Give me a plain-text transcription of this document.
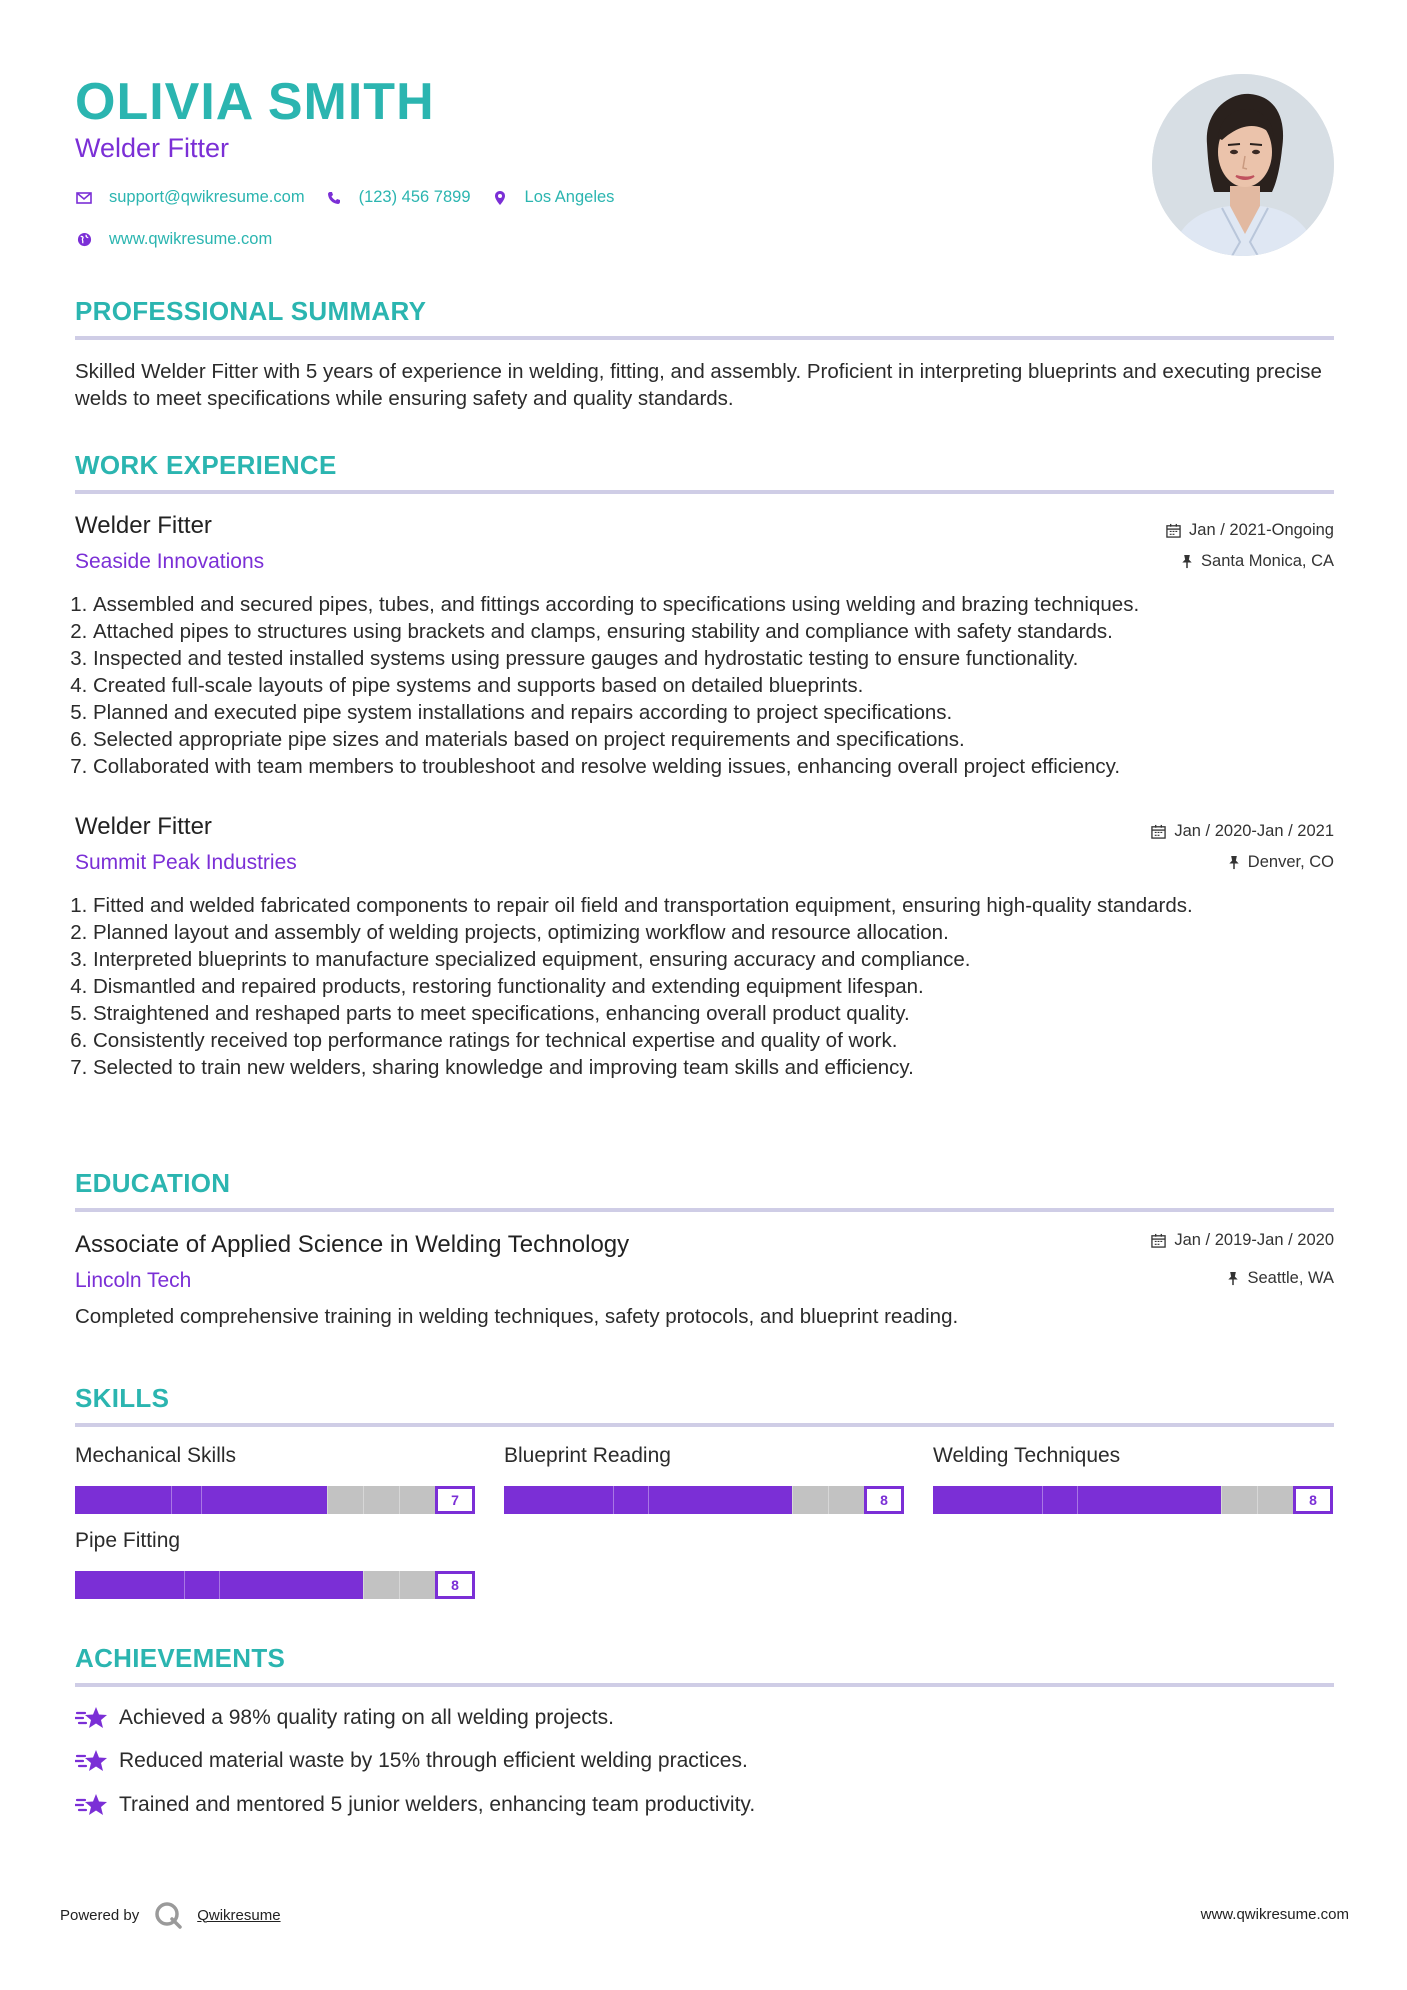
OLIVIA SMITH
Welder Fitter
support@qwikresume.com	(123) 456 7899	Los Angeles
www.qwikresume.com
PROFESSIONAL SUMMARY
Skilled Welder Fitter with 5 years of experience in welding, fitting, and assembly. Proficient in interpreting blueprints and executing precise welds to meet specifications while ensuring safety and quality standards.
WORK EXPERIENCE
Welder Fitter
Seaside Innovations
Jan / 2021-Ongoing
Santa Monica, CA
1. Assembled and secured pipes, tubes, and fittings according to specifications using welding and brazing techniques.
2. Attached pipes to structures using brackets and clamps, ensuring stability and compliance with safety standards.
3. Inspected and tested installed systems using pressure gauges and hydrostatic testing to ensure functionality.
4. Created full-scale layouts of pipe systems and supports based on detailed blueprints.
5. Planned and executed pipe system installations and repairs according to project specifications.
6. Selected appropriate pipe sizes and materials based on project requirements and specifications.
7. Collaborated with team members to troubleshoot and resolve welding issues, enhancing overall project efficiency.
Welder Fitter
Summit Peak Industries
Jan / 2020-Jan / 2021
Denver, CO
1. Fitted and welded fabricated components to repair oil field and transportation equipment, ensuring high-quality standards.
2. Planned layout and assembly of welding projects, optimizing workflow and resource allocation.
3. Interpreted blueprints to manufacture specialized equipment, ensuring accuracy and compliance.
4. Dismantled and repaired products, restoring functionality and extending equipment lifespan.
5. Straightened and reshaped parts to meet specifications, enhancing overall product quality.
6. Consistently received top performance ratings for technical expertise and quality of work.
7. Selected to train new welders, sharing knowledge and improving team skills and efficiency.
EDUCATION
Associate of Applied Science in Welding Technology
Lincoln Tech
Jan / 2019-Jan / 2020
Seattle, WA
Completed comprehensive training in welding techniques, safety protocols, and blueprint reading.
SKILLS
Mechanical Skills
7
Blueprint Reading
8
Welding Techniques
8
Pipe Fitting
8
ACHIEVEMENTS
Achieved a 98% quality rating on all welding projects.
Reduced material waste by 15% through efficient welding practices.
Trained and mentored 5 junior welders, enhancing team productivity.
Powered by	Qwikresume	www.qwikresume.com
